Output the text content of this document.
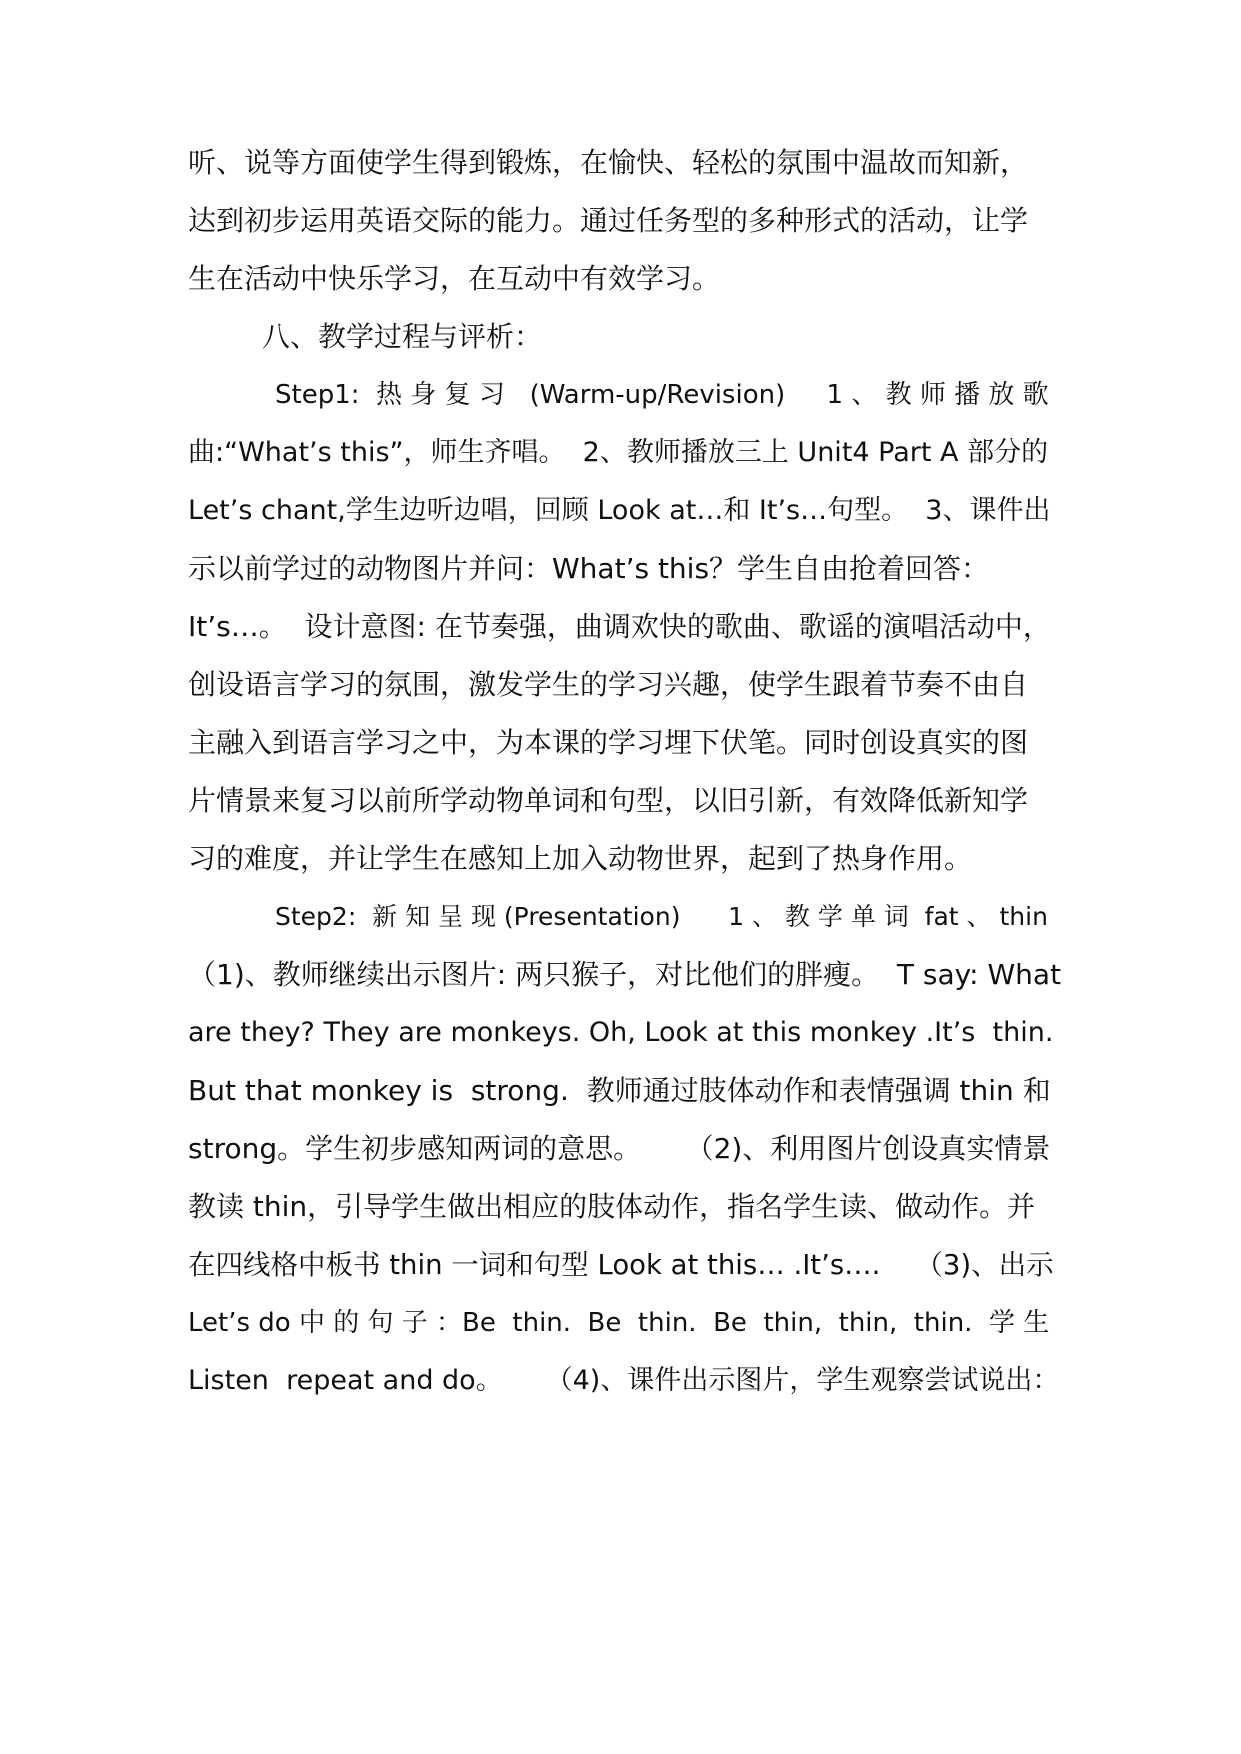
听、说等方面使学生得到锻炼，在愉快、轻松的氛围中温故而知新，
达到初步运用英语交际的能力。通过任务型的多种形式的活动，让学
生在活动中快乐学习，在互动中有效学习。
八、教学过程与评析：
Step1:  热 身 复 习   (Warm-up/Revision)     1 、 教 师 播 放 歌
曲:“What’s this”，师生齐唱。  2、教师播放三上 Unit4 Part A 部分的
Let’s chant,学生边听边唱，回顾 Look at…和 It’s…句型。  3、课件出
示以前学过的动物图片并问：What’s this？学生自由抢着回答：
It’s…。  设计意图: 在节奏强，曲调欢快的歌曲、歌谣的演唱活动中，
创设语言学习的氛围，激发学生的学习兴趣，使学生跟着节奏不由自
主融入到语言学习之中，为本课的学习埋下伏笔。同时创设真实的图
片情景来复习以前所学动物单词和句型，以旧引新，有效降低新知学
习的难度，并让学生在感知上加入动物世界，起到了热身作用。
Step2:  新 知 呈 现 (Presentation)      1 、 教 学 单 词  fat 、 thin
（1)、教师继续出示图片: 两只猴子，对比他们的胖瘦。  T say: What
are they? They are monkeys. Oh, Look at this monkey .It’s  thin.
But that monkey is  strong.  教师通过肢体动作和表情强调 thin 和
strong。学生初步感知两词的意思。     （2)、利用图片创设真实情景
教读 thin，引导学生做出相应的肢体动作，指名学生读、做动作。并
在四线格中板书 thin 一词和句型 Look at this… .It’s….    （3)、出示
Let’s do 中 的 句 子 ：Be  thin.  Be  thin.  Be  thin,  thin,  thin.  学 生
Listen  repeat and do。     （4)、课件出示图片，学生观察尝试说出：
